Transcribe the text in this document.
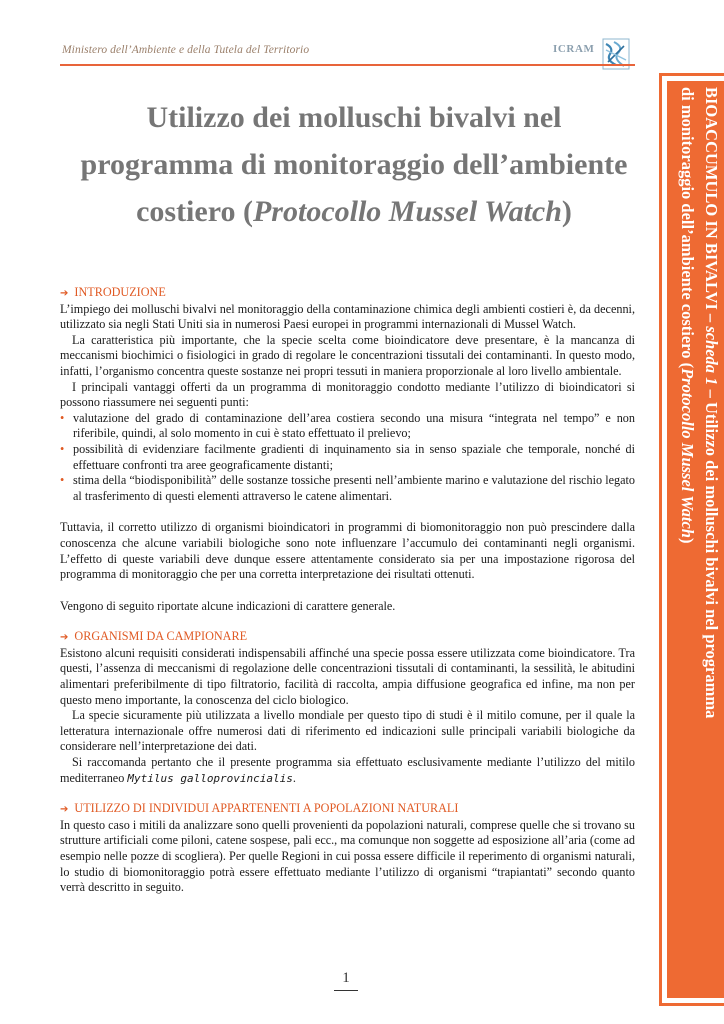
Ministero dell’Ambiente e della Tutela del Territorio	ICRAM
BIOACCUMULO IN BIVALVI – scheda 1 – Utilizzo dei molluschi bivalvi nel programma
di monitoraggio dell’ambiente costiero (Protocollo Mussel Watch)
Utilizzo dei molluschi bivalvi nel
programma di monitoraggio dell’ambiente
costiero (Protocollo Mussel Watch)
➔ INTRODUZIONE

L’impiego dei molluschi bivalvi nel monitoraggio della contaminazione chimica degli ambienti costieri è, da decenni, utilizzato sia negli Stati Uniti sia in numerosi Paesi europei in programmi internazionali di Mussel Watch.

La caratteristica più importante, che la specie scelta come bioindicatore deve presentare, è la mancanza di meccanismi biochimici o fisiologici in grado di regolare le concentrazioni tissutali dei contaminanti. In questo modo, infatti, l’organismo concentra queste sostanze nei propri tessuti in maniera proporzionale al loro livello ambientale.

I principali vantaggi offerti da un programma di monitoraggio condotto mediante l’utilizzo di bioindicatori si possono riassumere nei seguenti punti:

• valutazione del grado di contaminazione dell’area costiera secondo una misura “integrata nel tempo” e non riferibile, quindi, al solo momento in cui è stato effettuato il prelievo;
• possibilità di evidenziare facilmente gradienti di inquinamento sia in senso spaziale che temporale, nonché di effettuare confronti tra aree geograficamente distanti;
• stima della “biodisponibilità” delle sostanze tossiche presenti nell’ambiente marino e valutazione del rischio legato al trasferimento di questi elementi attraverso le catene alimentari.

Tuttavia, il corretto utilizzo di organismi bioindicatori in programmi di biomonitoraggio non può prescindere dalla conoscenza che alcune variabili biologiche sono note influenzare l’accumulo dei contaminanti negli organismi. L’effetto di queste variabili deve dunque essere attentamente considerato sia per una impostazione rigorosa del programma di monitoraggio che per una corretta interpretazione dei risultati ottenuti.

Vengono di seguito riportate alcune indicazioni di carattere generale.

➔ ORGANISMI DA CAMPIONARE

Esistono alcuni requisiti considerati indispensabili affinché una specie possa essere utilizzata come bioindicatore. Tra questi, l’assenza di meccanismi di regolazione delle concentrazioni tissutali di contaminanti, la sessilità, le abitudini alimentari preferibilmente di tipo filtratorio, facilità di raccolta, ampia diffusione geografica ed infine, ma non per questo meno importante, la conoscenza del ciclo biologico.

La specie sicuramente più utilizzata a livello mondiale per questo tipo di studi è il mitilo comune, per il quale la letteratura internazionale offre numerosi dati di riferimento ed indicazioni sulle principali variabili biologiche da considerare nell’interpretazione dei dati.

Si raccomanda pertanto che il presente programma sia effettuato esclusivamente mediante l’utilizzo del mitilo mediterraneo Mytilus galloprovincialis.

➔ UTILIZZO DI INDIVIDUI APPARTENENTI A POPOLAZIONI NATURALI

In questo caso i mitili da analizzare sono quelli provenienti da popolazioni naturali, comprese quelle che si trovano su strutture artificiali come piloni, catene sospese, pali ecc., ma comunque non soggette ad esposizione all’aria (come ad esempio nelle pozze di scogliera). Per quelle Regioni in cui possa essere difficile il reperimento di organismi naturali, lo studio di biomonitoraggio potrà essere effettuato mediante l’utilizzo di organismi “trapiantati” secondo quanto verrà descritto in seguito.

1
